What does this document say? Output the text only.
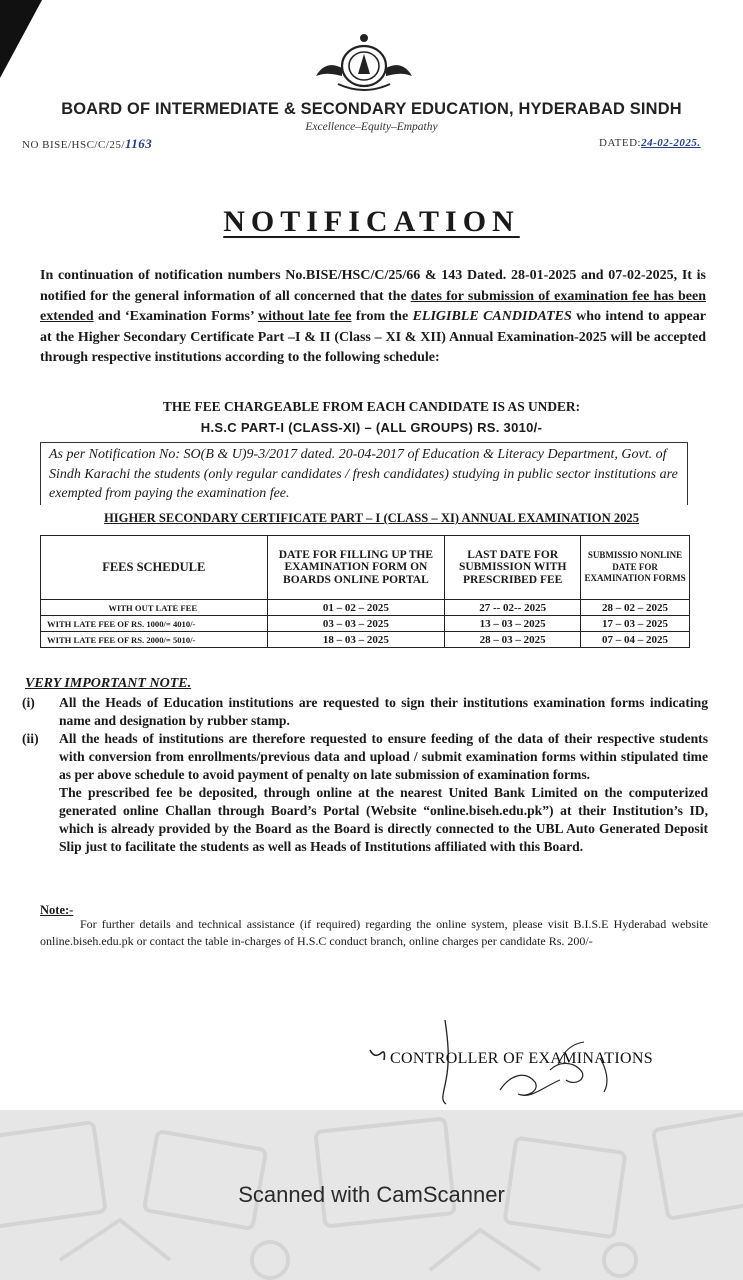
BOARD OF INTERMEDIATE & SECONDARY EDUCATION, HYDERABAD SINDH
Excellence–Equity–Empathy
NO BISE/HSC/C/25/1163	DATED:24-02-2025.
NOTIFICATION
In continuation of notification numbers No.BISE/HSC/C/25/66 & 143 Dated. 28-01-2025 and 07-02-2025, It is notified for the general information of all concerned that the dates for submission of examination fee has been extended and ‘Examination Forms’ without late fee from the ELIGIBLE CANDIDATES who intend to appear at the Higher Secondary Certificate Part –I & II (Class – XI & XII) Annual Examination-2025 will be accepted through respective institutions according to the following schedule:
THE FEE CHARGEABLE FROM EACH CANDIDATE IS AS UNDER:
H.S.C PART-I (CLASS-XI) – (ALL GROUPS) RS. 3010/-
As per Notification No: SO(B & U)9-3/2017 dated. 20-04-2017 of Education & Literacy Department, Govt. of Sindh Karachi the students (only regular candidates / fresh candidates) studying in public sector institutions are exempted from paying the examination fee.
HIGHER SECONDARY CERTIFICATE PART – I (CLASS – XI) ANNUAL EXAMINATION 2025
FEES SCHEDULE	DATE FOR FILLING UP THE EXAMINATION FORM ON BOARDS ONLINE PORTAL	LAST DATE FOR SUBMISSION WITH PRESCRIBED FEE	SUBMISSIO NONLINE DATE FOR EXAMINATION FORMS
WITH OUT LATE FEE	01 – 02 – 2025	27 -- 02-- 2025	28 – 02 – 2025
WITH LATE FEE OF RS. 1000/= 4010/-	03 – 03 – 2025	13 – 03 – 2025	17 – 03 – 2025
WITH LATE FEE OF RS. 2000/= 5010/-	18 – 03 – 2025	28 – 03 – 2025	07 – 04 – 2025
VERY IMPORTANT NOTE.
(i) All the Heads of Education institutions are requested to sign their institutions examination forms indicating name and designation by rubber stamp.
(ii) All the heads of institutions are therefore requested to ensure feeding of the data of their respective students with conversion from enrollments/previous data and upload / submit examination forms within stipulated time as per above schedule to avoid payment of penalty on late submission of examination forms.
The prescribed fee be deposited, through online at the nearest United Bank Limited on the computerized generated online Challan through Board’s Portal (Website “online.biseh.edu.pk”) at their Institution’s ID, which is already provided by the Board as the Board is directly connected to the UBL Auto Generated Deposit Slip just to facilitate the students as well as Heads of Institutions affiliated with this Board.
Note:-
For further details and technical assistance (if required) regarding the online system, please visit B.I.S.E Hyderabad website online.biseh.edu.pk or contact the table in-charges of H.S.C conduct branch, online charges per candidate Rs. 200/-
CONTROLLER OF EXAMINATIONS
Scanned with CamScanner
